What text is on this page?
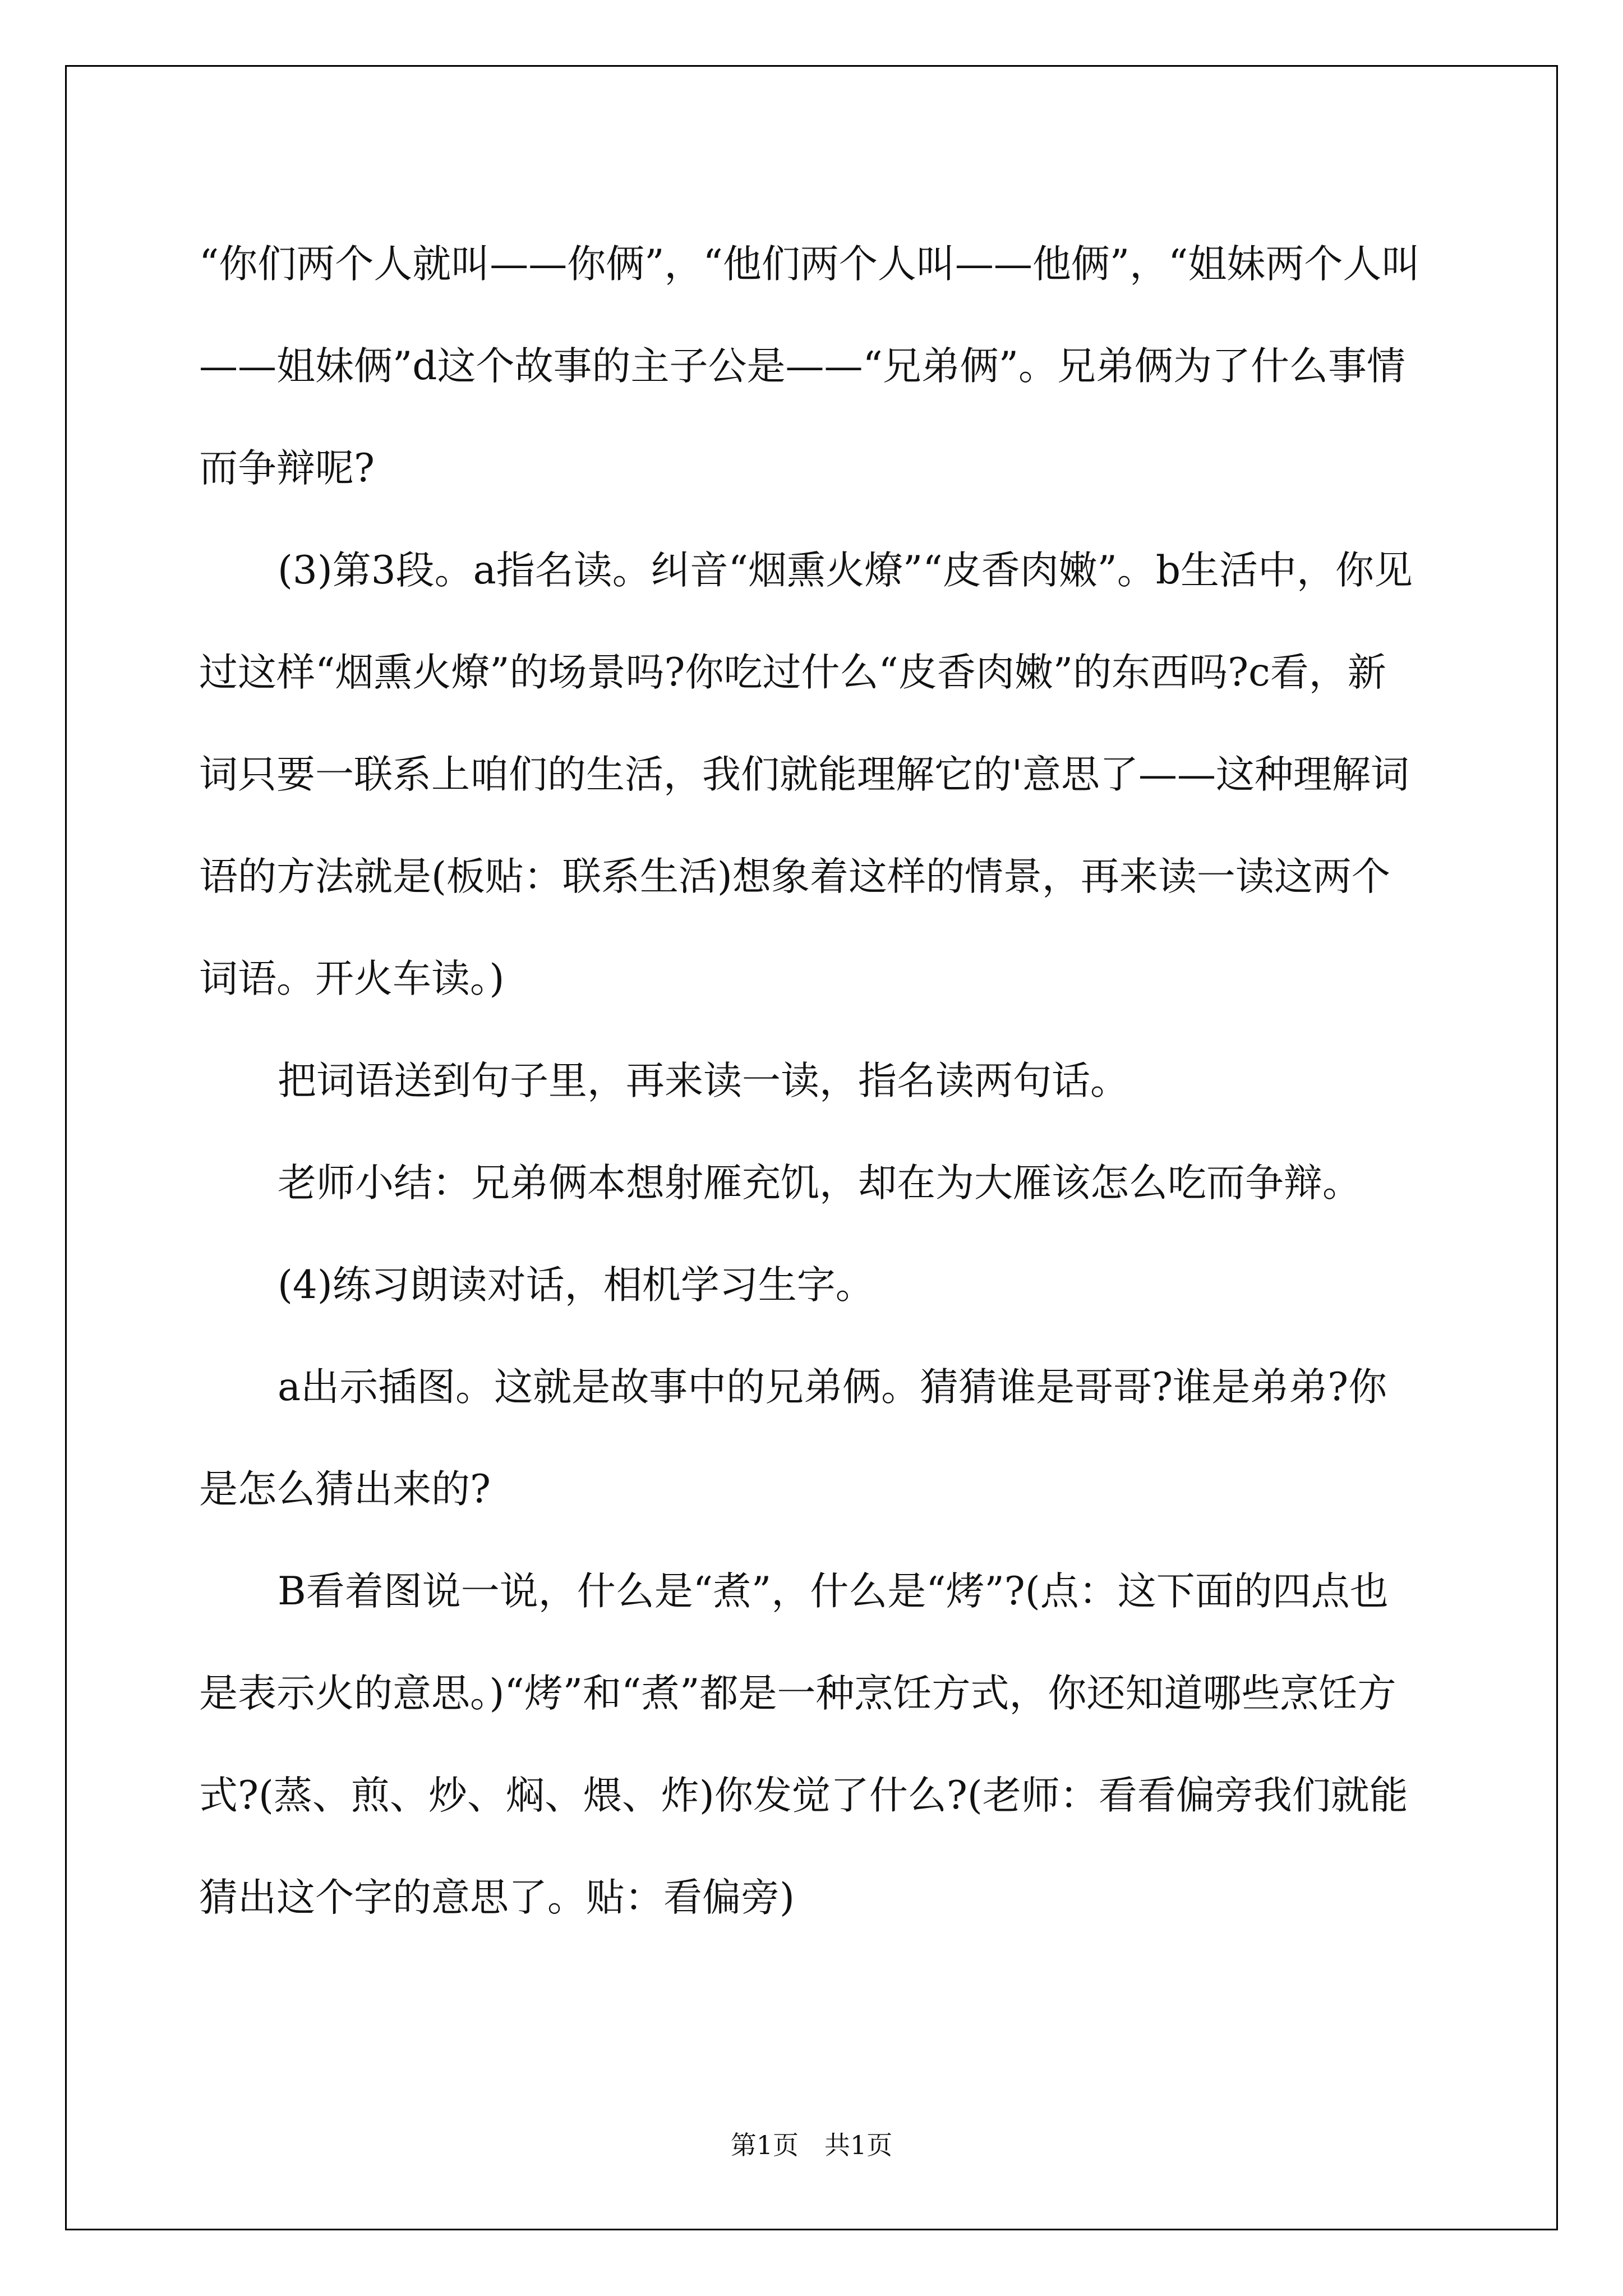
“你们两个人就叫——你俩”，“他们两个人叫——他俩”，“姐妹两个人叫——姐妹俩”d这个故事的主子公是——“兄弟俩”。兄弟俩为了什么事情而争辩呢?

(3)第3段。a指名读。纠音“烟熏火燎”“皮香肉嫩”。b生活中，你见过这样“烟熏火燎”的场景吗?你吃过什么“皮香肉嫩”的东西吗?c看，新词只要一联系上咱们的生活，我们就能理解它的'意思了——这种理解词语的方法就是(板贴：联系生活)想象着这样的情景，再来读一读这两个词语。开火车读。)

把词语送到句子里，再来读一读，指名读两句话。

老师小结：兄弟俩本想射雁充饥，却在为大雁该怎么吃而争辩。

(4)练习朗读对话，相机学习生字。

a出示插图。这就是故事中的兄弟俩。猜猜谁是哥哥?谁是弟弟?你是怎么猜出来的?

B看着图说一说，什么是“煮”，什么是“烤”?(点：这下面的四点也是表示火的意思。)“烤”和“煮”都是一种烹饪方式，你还知道哪些烹饪方式?(蒸、煎、炒、焖、煨、炸)你发觉了什么?(老师：看看偏旁我们就能猜出这个字的意思了。贴：看偏旁)

第1页　共1页
